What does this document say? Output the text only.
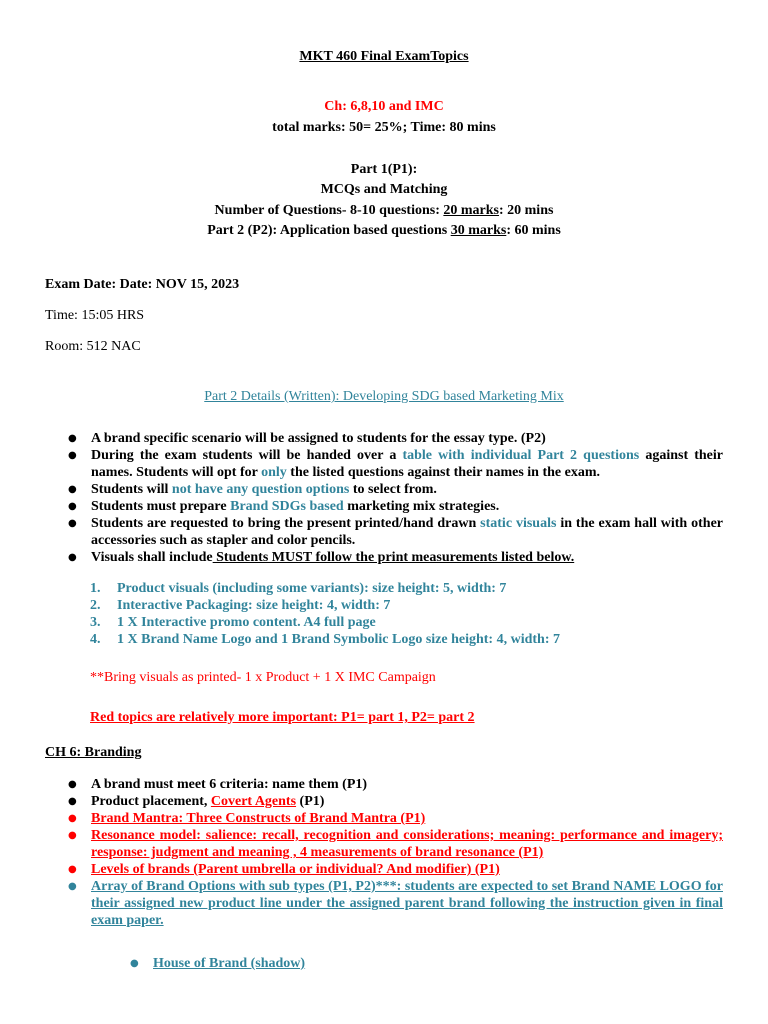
MKT 460 Final ExamTopics
Ch: 6,8,10 and IMC
total marks: 50= 25%; Time: 80 mins
Part 1(P1):
MCQs and Matching
Number of Questions- 8-10 questions: 20 marks: 20 mins
Part 2 (P2): Application based questions 30 marks: 60 mins
Exam Date: Date: NOV 15, 2023
Time: 15:05 HRS
Room: 512 NAC
Part 2 Details (Written): Developing SDG based Marketing Mix
●	A brand specific scenario will be assigned to students for the essay type. (P2)
●	During the exam students will be handed over a table with individual Part 2 questions against their names. Students will opt for only the listed questions against their names in the exam.
●	Students will not have any question options to select from.
●	Students must prepare Brand SDGs based marketing mix strategies.
●	Students are requested to bring the present printed/hand drawn static visuals in the exam hall with other accessories such as stapler and color pencils.
●	Visuals shall include Students MUST follow the print measurements listed below.
1. Product visuals (including some variants): size height: 5, width: 7
2. Interactive Packaging: size height: 4, width: 7
3. 1 X Interactive promo content. A4 full page
4. 1 X Brand Name Logo and 1 Brand Symbolic Logo size height: 4, width: 7
**Bring visuals as printed- 1 x Product + 1 X IMC Campaign
Red topics are relatively more important: P1= part 1, P2= part 2
CH 6: Branding
●	A brand must meet 6 criteria: name them (P1)
●	Product placement, Covert Agents (P1)
●	Brand Mantra: Three Constructs of Brand Mantra (P1)
●	Resonance model: salience: recall, recognition and considerations; meaning: performance and imagery; response: judgment and meaning , 4 measurements of brand resonance (P1)
●	Levels of brands (Parent umbrella or individual? And modifier) (P1)
●	Array of Brand Options with sub types (P1, P2)***: students are expected to set Brand NAME LOGO for their assigned new product line under the assigned parent brand following the instruction given in final exam paper.
● House of Brand (shadow)
